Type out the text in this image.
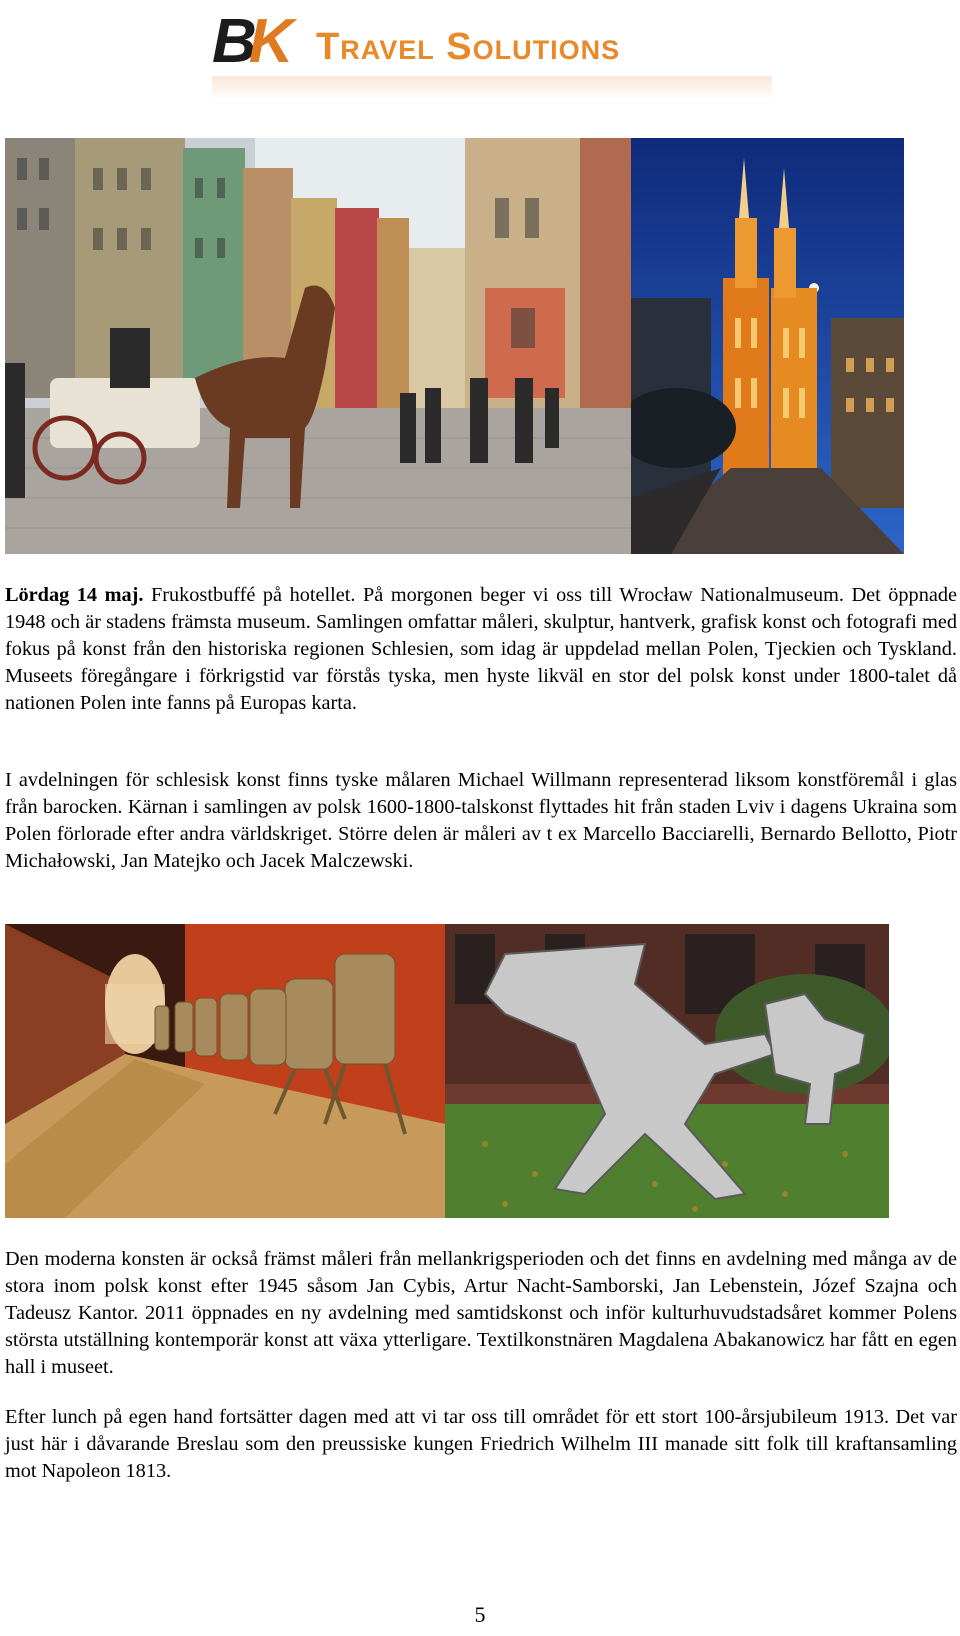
BK Travel Solutions
Lördag 14 maj. Frukostbuffé på hotellet. På morgonen beger vi oss till Wrocław Nationalmuseum. Det öppnade 1948 och är stadens främsta museum. Samlingen omfattar måleri, skulptur, hantverk, grafisk konst och fotografi med fokus på konst från den historiska regionen Schlesien, som idag är uppdelad mellan Polen, Tjeckien och Tyskland. Museets föregångare i förkrigstid var förstås tyska, men hyste likväl en stor del polsk konst under 1800-talet då nationen Polen inte fanns på Europas karta.
I avdelningen för schlesisk konst finns tyske målaren Michael Willmann representerad liksom konstföremål i glas från barocken. Kärnan i samlingen av polsk 1600-1800-talskonst flyttades hit från staden Lviv i dagens Ukraina som Polen förlorade efter andra världskriget. Större delen är måleri av t ex Marcello Bacciarelli, Bernardo Bellotto, Piotr Michałowski, Jan Matejko och Jacek Malczewski.
Den moderna konsten är också främst måleri från mellankrigsperioden och det finns en avdelning med många av de stora inom polsk konst efter 1945 såsom Jan Cybis, Artur Nacht-Samborski, Jan Lebenstein, Józef Szajna och Tadeusz Kantor. 2011 öppnades en ny avdelning med samtidskonst och inför kulturhuvudstadsåret kommer Polens största utställning kontemporär konst att växa ytterligare. Textilkonstnären Magdalena Abakanowicz har fått en egen hall i museet.
Efter lunch på egen hand fortsätter dagen med att vi tar oss till området för ett stort 100-årsjubileum 1913. Det var just här i dåvarande Breslau som den preussiske kungen Friedrich Wilhelm III manade sitt folk till kraftansamling mot Napoleon 1813.
5
